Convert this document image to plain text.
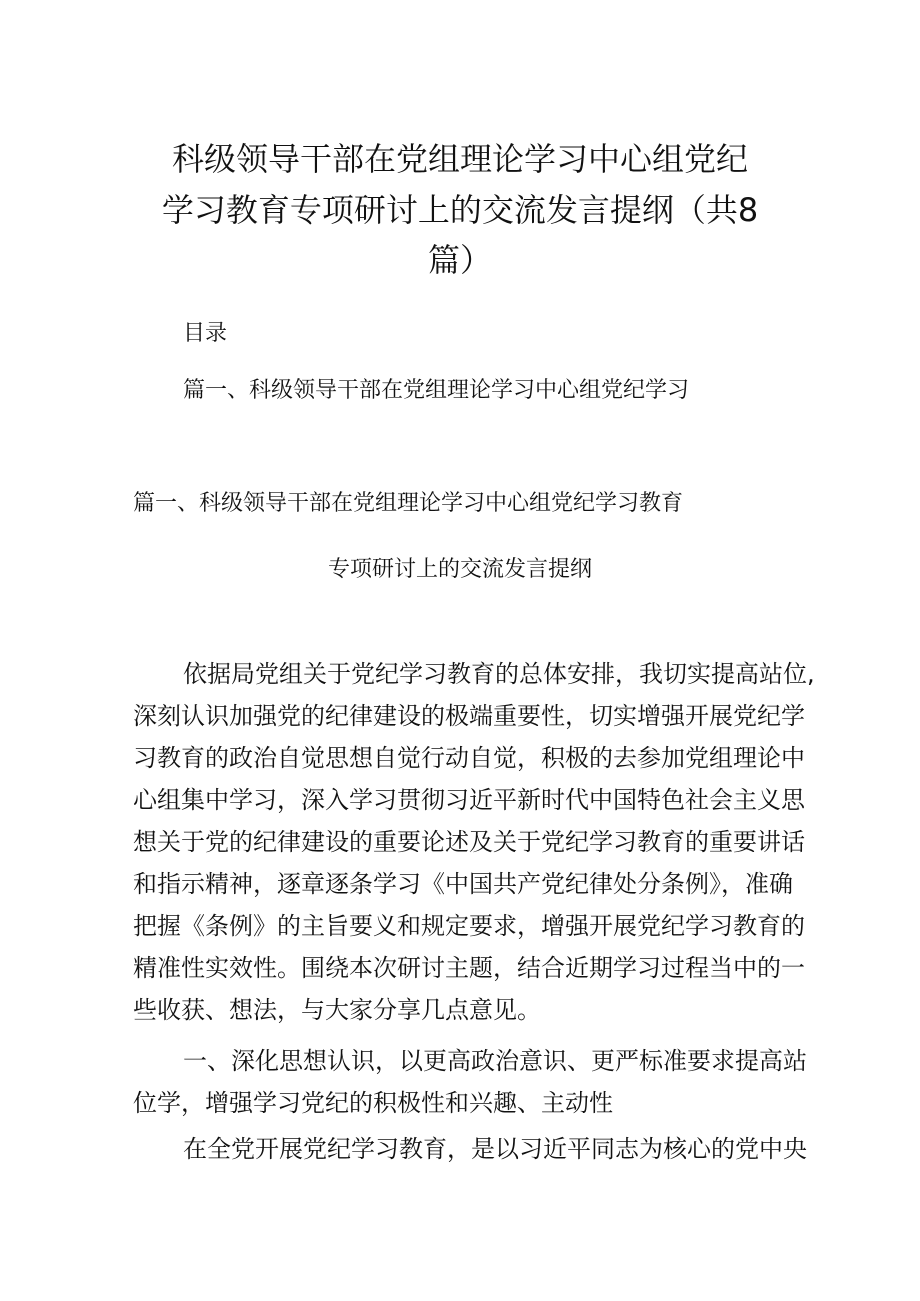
科级领导干部在党组理论学习中心组党纪
学习教育专项研讨上的交流发言提纲（共8
篇）
目录
篇一、科级领导干部在党组理论学习中心组党纪学习
篇一、科级领导干部在党组理论学习中心组党纪学习教育
专项研讨上的交流发言提纲
依据局党组关于党纪学习教育的总体安排，我切实提高站位,
深刻认识加强党的纪律建设的极端重要性，切实增强开展党纪学
习教育的政治自觉思想自觉行动自觉，积极的去参加党组理论中
心组集中学习，深入学习贯彻习近平新时代中国特色社会主义思
想关于党的纪律建设的重要论述及关于党纪学习教育的重要讲话
和指示精神，逐章逐条学习《中国共产党纪律处分条例》，准确
把握《条例》的主旨要义和规定要求，增强开展党纪学习教育的
精准性实效性。围绕本次研讨主题，结合近期学习过程当中的一
些收获、想法，与大家分享几点意见。
一、深化思想认识，以更高政治意识、更严标准要求提高站
位学，增强学习党纪的积极性和兴趣、主动性
在全党开展党纪学习教育，是以习近平同志为核心的党中央
